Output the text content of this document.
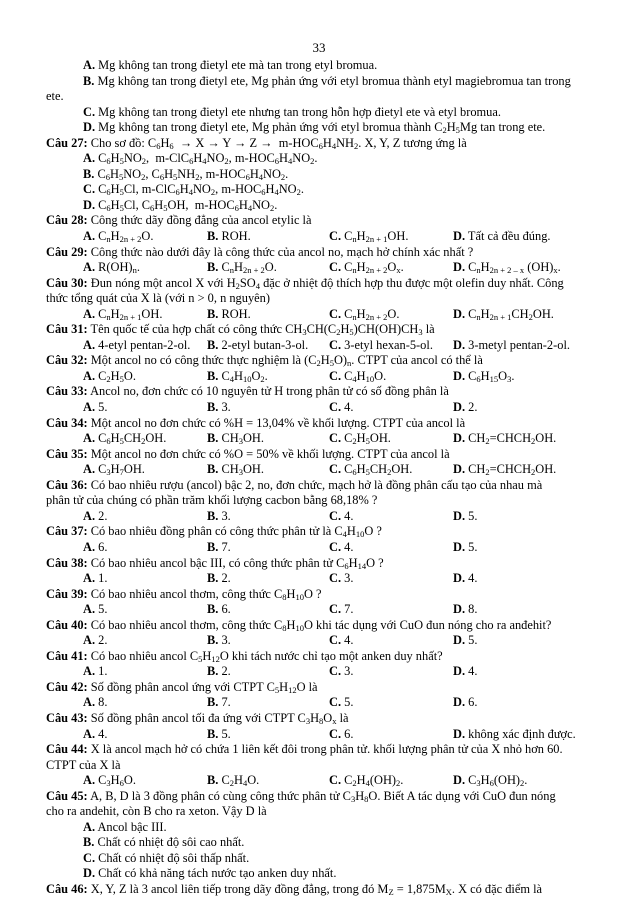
33
A. Mg không tan trong đietyl ete mà tan trong etyl bromua.
B. Mg không tan trong đietyl ete, Mg phản ứng với etyl bromua thành etyl magiebromua tan trong
ete.
C. Mg không tan trong đietyl ete nhưng tan trong hỗn hợp đietyl ete và etyl bromua.
D. Mg không tan trong đietyl ete, Mg phản ứng với etyl bromua thành $C_2H_5Mg$ tan trong ete.
Câu 27: Cho sơ đồ: $C_6H_6 \to X \to Y \to Z \to m-HOC_6H_4NH_2$. X, Y, Z tương ứng là
A. $C_6H_5NO_2$,  $m-ClC_6H_4NO_2$, $m-HOC_6H_4NO_2$.
B. $C_6H_5NO_2$, $C_6H_5NH_2$, $m-HOC_6H_4NO_2$.
C. $C_6H_5Cl$, $m-ClC_6H_4NO_2$, $m-HOC_6H_4NO_2$.
D. $C_6H_5Cl$, $C_6H_5OH$,  $m-HOC_6H_4NO_2$.
Câu 28: Công thức dãy đồng đẳng của ancol etylic là
A. $C_nH_{2n + 2}O$.	B. ROH.	C. $C_nH_{2n + 1}OH$.	D. Tất cả đều đúng.
Câu 29: Công thức nào dưới đây là công thức của ancol no, mạch hở chính xác nhất ?
A. $R(OH)_n$.	B. $C_nH_{2n + 2}O$.	C. $C_nH_{2n + 2}O_x$.	D. $C_nH_{2n + 2 - x}$ $(OH)_x$.
Câu 30: Đun nóng một ancol X với $H_2SO_4$ đặc ở nhiệt độ thích hợp thu được một olefin duy nhất. Công
thức tổng quát của X là (với n > 0, n nguyên)
A. $C_nH_{2n + 1}OH$.	B. ROH.	C. $C_nH_{2n + 2}O$.	D. $C_nH_{2n + 1}CH_2OH$.
Câu 31: Tên quốc tế của hợp chất có công thức $CH_3CH(C_2H_5)CH(OH)CH_3$ là
A. 4-etyl pentan-2-ol.	B. 2-etyl butan-3-ol.	C. 3-etyl hexan-5-ol.	D. 3-metyl pentan-2-ol.
Câu 32: Một ancol no có công thức thực nghiệm là $(C_2H_5O)_n$. CTPT của ancol có thể là
A. $C_2H_5O$.	B. $C_4H_{10}O_2$.	C. $C_4H_{10}O$.	D. $C_6H_{15}O_3$.
Câu 33: Ancol no, đơn chức có 10 nguyên tử H trong phân tử có số đồng phân là
A. 5.	B. 3.	C. 4.	D. 2.
Câu 34: Một ancol no đơn chức có %H = 13,04% về khối lượng. CTPT của ancol là
A. $C_6H_5CH_2OH$.	B. $CH_3OH$.	C. $C_2H_5OH$.	D. $CH_2=CHCH_2OH$.
Câu 35: Một ancol no đơn chức có %O = 50% về khối lượng. CTPT của ancol là
A. $C_3H_7OH$.	B. $CH_3OH$.	C. $C_6H_5CH_2OH$.	D. $CH_2=CHCH_2OH$.
Câu 36: Có bao nhiêu rượu (ancol) bậc 2, no, đơn chức, mạch hở là đồng phân cấu tạo của nhau mà
phân tử của chúng có phần trăm khối lượng cacbon bằng 68,18% ?
A. 2.	B. 3.	C. 4.	D. 5.
Câu 37: Có bao nhiêu đồng phân có công thức phân tử là $C_4H_{10}O$ ?
A. 6.	B. 7.	C. 4.	D. 5.
Câu 38: Có bao nhiêu ancol bậc III, có công thức phân tử $C_6H_{14}O$ ?
A. 1.	B. 2.	C. 3.	D. 4.
Câu 39: Có bao nhiêu ancol thơm, công thức $C_8H_{10}O$ ?
A. 5.	B. 6.	C. 7.	D. 8.
Câu 40: Có bao nhiêu ancol thơm, công thức $C_8H_{10}O$ khi tác dụng với CuO đun nóng cho ra anđehit?
A. 2.	B. 3.	C. 4.	D. 5.
Câu 41: Có bao nhiêu ancol $C_5H_{12}O$ khi tách nước chỉ tạo một anken duy nhất?
A. 1.	B. 2.	C. 3.	D. 4.
Câu 42: Số đồng phân ancol ứng với CTPT $C_5H_{12}O$ là
A. 8.	B. 7.	C. 5.	D. 6.
Câu 43: Số đồng phân ancol tối đa ứng với CTPT $C_3H_8O_x$ là
A. 4.	B. 5.	C. 6.	D. không xác định được.
Câu 44: X là ancol mạch hở có chứa 1 liên kết đôi trong phân tử. khối lượng phân tử của X nhỏ hơn 60.
CTPT của X là
A. $C_3H_6O$.	B. $C_2H_4O$.	C. $C_2H_4(OH)_2$.	D. $C_3H_6(OH)_2$.
Câu 45: A, B, D là 3 đồng phân có cùng công thức phân tử $C_3H_8O$. Biết A tác dụng với CuO đun nóng
cho ra andehit, còn B cho ra xeton. Vậy D là
A. Ancol bậc III.
B. Chất có nhiệt độ sôi cao nhất.
C. Chất có nhiệt độ sôi thấp nhất.
D. Chất có khả năng tách nước tạo anken duy nhất.
Câu 46: X, Y, Z là 3 ancol liên tiếp trong dãy đồng đẳng, trong đó $M_Z = 1,875M_X$. X có đặc điểm là
